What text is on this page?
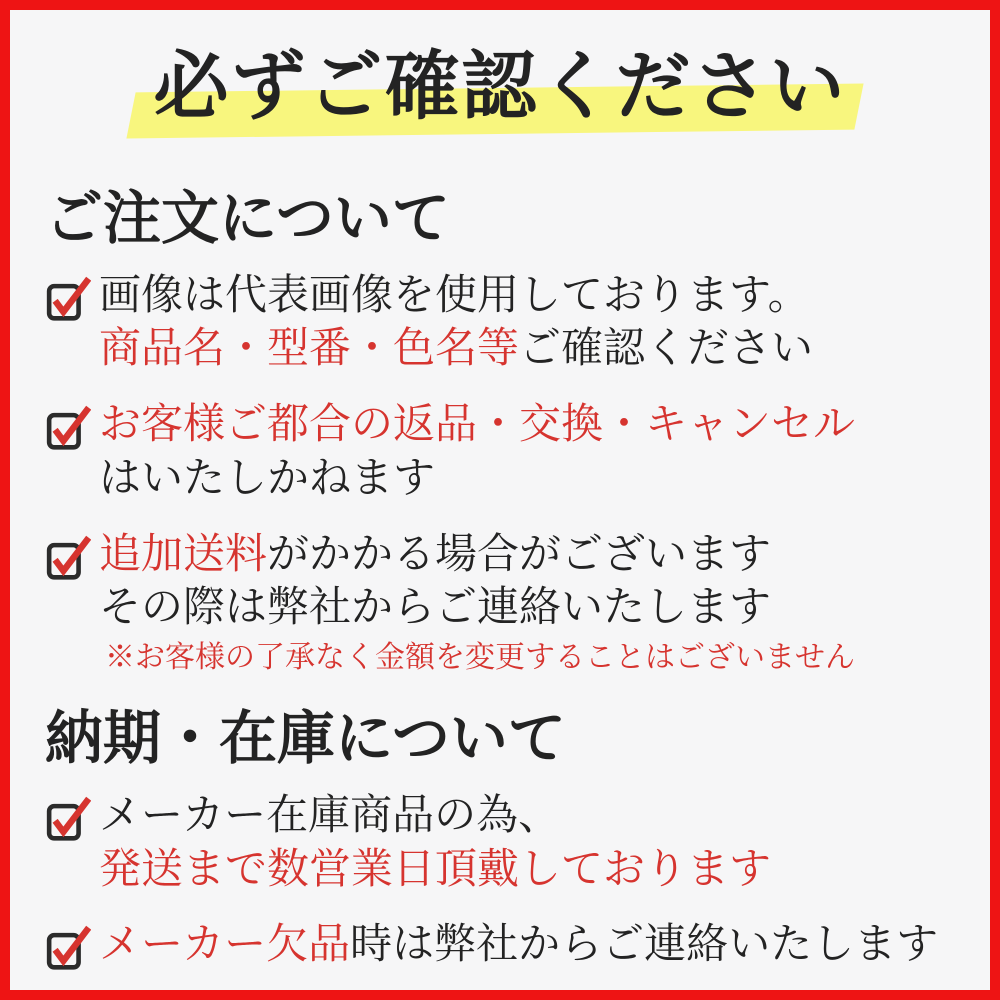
必ずご確認ください
ご注文について

画像は代表画像を使用しております。

商品名・型番・色名等ご確認ください

お客様ご都合の返品・交換・キャンセル

はいたしかねます

追加送料がかかる場合がございます

その際は弊社からご連絡いたします

※お客様の了承なく金額を変更することはございません

納期・在庫について

メーカー在庫商品の為、

発送まで数営業日頂戴しております

メーカー欠品時は弊社からご連絡いたします
